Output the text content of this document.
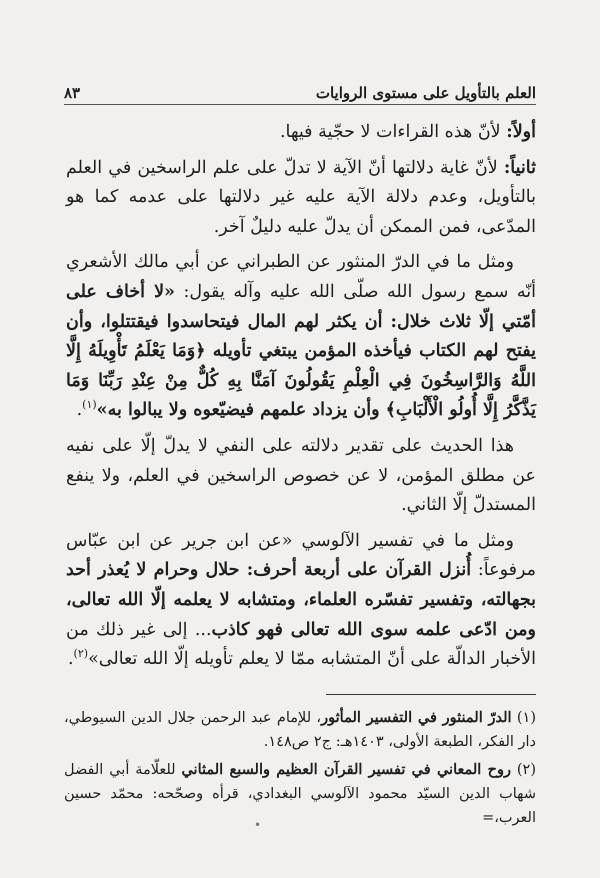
العلم بالتأويل على مستوى الروايات
٨٣

أولاً: لأنّ هذه القراءات لا حجّية فيها.

ثانياً: لأنّ غاية دلالتها أنّ الآية لا تدلّ على علم الراسخين في العلم بالتأويل، وعدم دلالة الآية عليه غير دلالتها على عدمه كما هو المدّعى، فمن الممكن أن يدلّ عليه دليلٌ آخر.

ومثل ما في الدرّ المنثور عن الطبراني عن أبي مالك الأشعري أنّه سمع رسول الله صلّى الله عليه وآله يقول: «لا أخاف على أمّتي إلّا ثلاث خلال: أن يكثر لهم المال فيتحاسدوا فيقتتلوا، وأن يفتح لهم الكتاب فيأخذه المؤمن يبتغي تأويله ﴿وَمَا يَعْلَمُ تَأْوِيلَهُ إِلَّا اللَّهُ وَالرَّاسِخُونَ فِي الْعِلْمِ يَقُولُونَ آمَنَّا بِهِ كُلٌّ مِنْ عِنْدِ رَبِّنَا وَمَا يَذَّكَّرُ إِلَّا أُولُو الْأَلْبَابِ﴾ وأن يزداد علمهم فيضيّعوه ولا يبالوا به»$^{(١)}$.

هذا الحديث على تقدير دلالته على النفي لا يدلّ إلّا على نفيه عن مطلق المؤمن، لا عن خصوص الراسخين في العلم، ولا ينفع المستدلّ إلّا الثاني.

ومثل ما في تفسير الآلوسي «عن ابن جرير عن ابن عبّاس مرفوعاً: أُنزل القرآن على أربعة أحرف: حلال وحرام لا يُعذر أحد بجهالته، وتفسير تفسّره العلماء، ومتشابه لا يعلمه إلّا الله تعالى، ومن ادّعى علمه سوى الله تعالى فهو كاذب... إلى غير ذلك من الأخبار الدالّة على أنّ المتشابه ممّا لا يعلم تأويله إلّا الله تعالى»$^{(٢)}$.

(١) الدرّ المنثور في التفسير المأثور، للإمام عبد الرحمن جلال الدين السيوطي، دار الفكر، الطبعة الأولى، ١٤٠٣هـ: ج٢ ص١٤٨.

(٢) روح المعاني في تفسير القرآن العظيم والسبع المثاني للعلّامة أبي الفضل شهاب الدين السيّد محمود الآلوسي البغدادي، قرأه وصحّحه: محمّد حسين العرب،=

•
